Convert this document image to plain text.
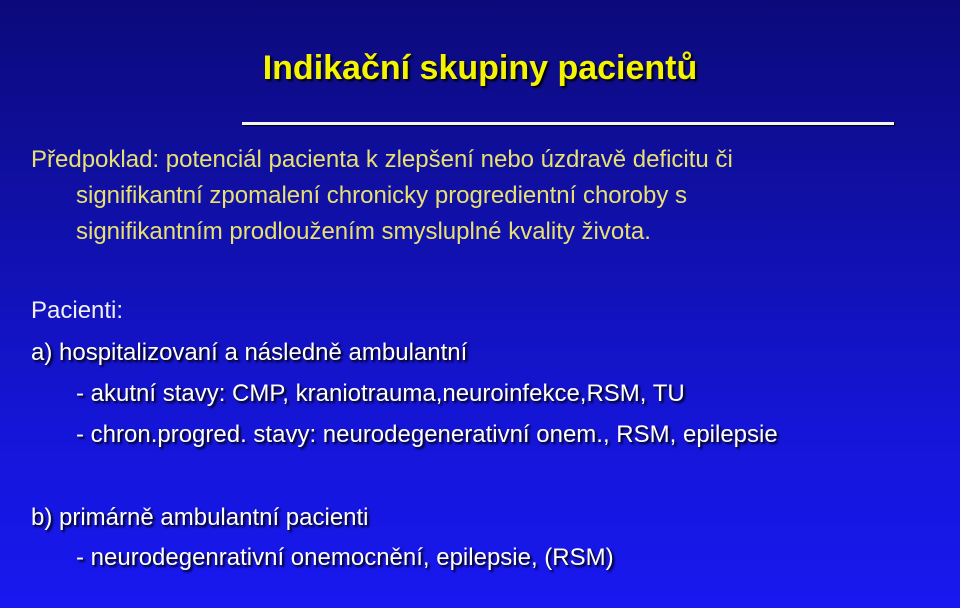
Indikační skupiny pacientů

Předpoklad: potenciál pacienta k zlepšení nebo úzdravě deficitu či

signifikantní zpomalení chronicky progredientní choroby s

signifikantním prodloužením smysluplné kvality života.

Pacienti:

a) hospitalizovaní a následně ambulantní

- akutní stavy: CMP, kraniotrauma,neuroinfekce,RSM, TU

- chron.progred. stavy: neurodegenerativní onem., RSM, epilepsie

b) primárně ambulantní pacienti

- neurodegenrativní onemocnění, epilepsie, (RSM)
